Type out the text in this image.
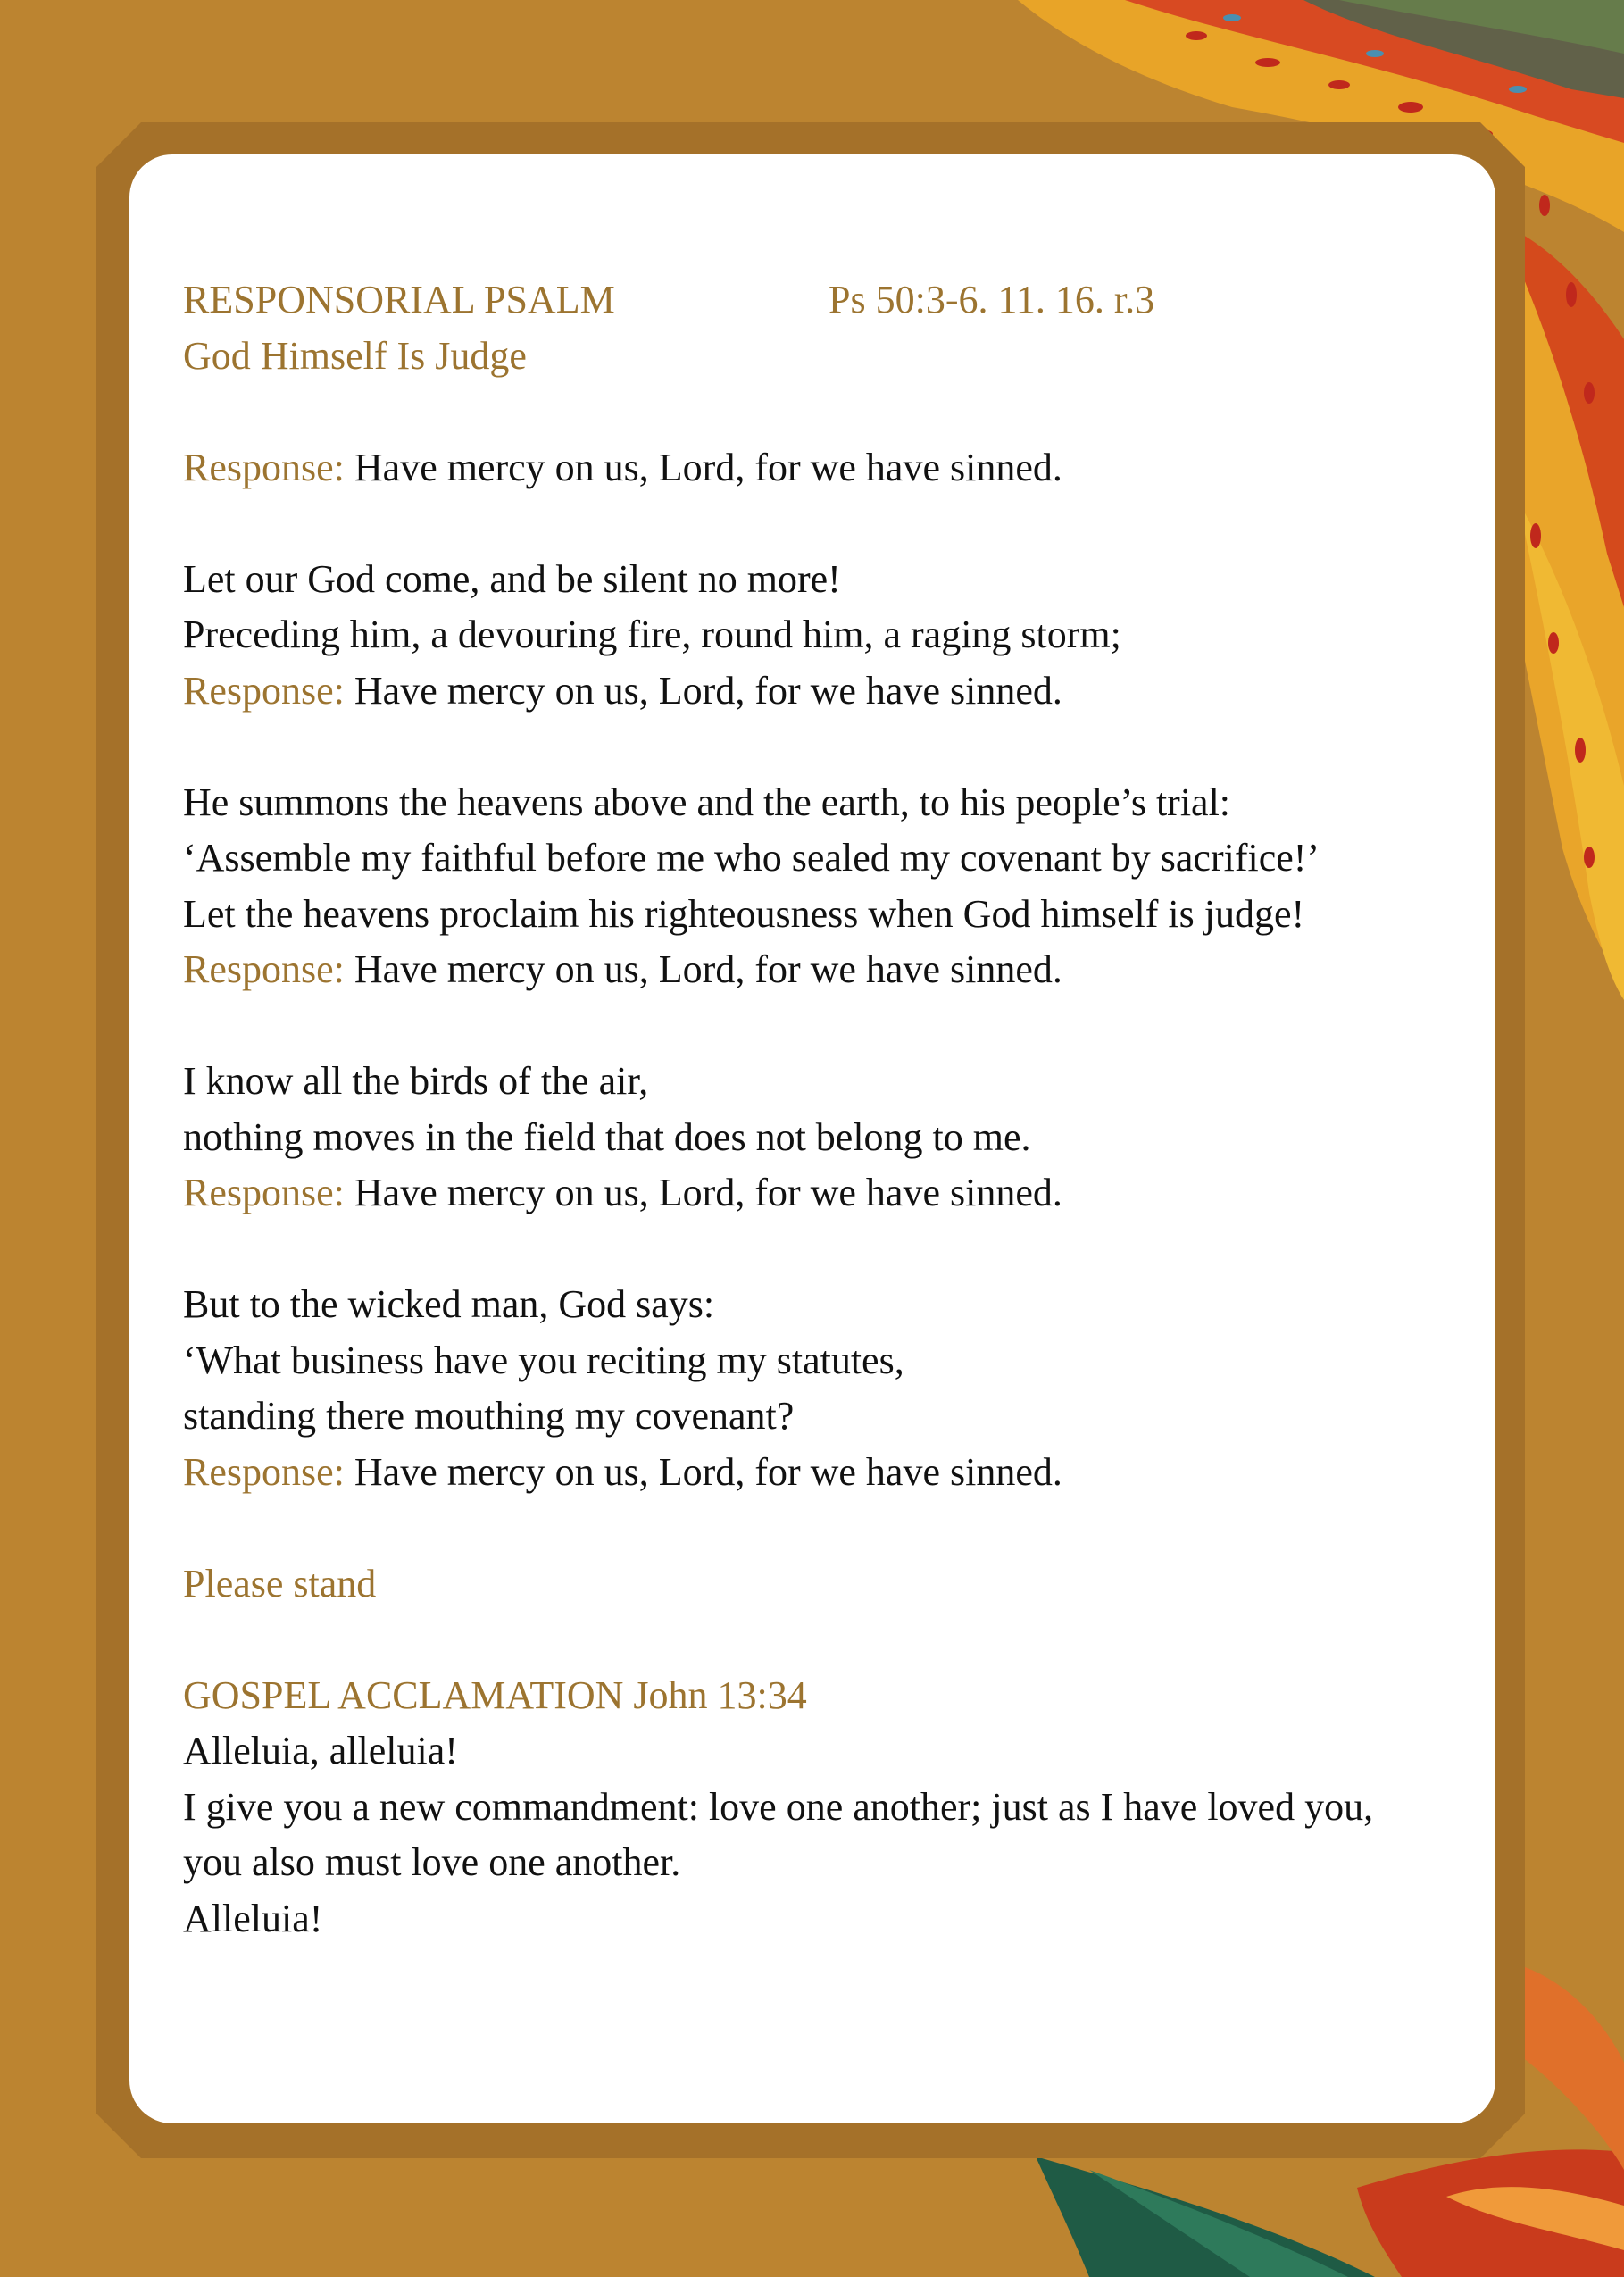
RESPONSORIAL PSALM	Ps 50:3-6. 11. 16. r.3
God Himself Is Judge
Response: Have mercy on us, Lord, for we have sinned.
Let our God come, and be silent no more!
Preceding him, a devouring fire, round him, a raging storm;
Response: Have mercy on us, Lord, for we have sinned.
He summons the heavens above and the earth, to his people’s trial:
‘Assemble my faithful before me who sealed my covenant by sacrifice!’
Let the heavens proclaim his righteousness when God himself is judge!
Response: Have mercy on us, Lord, for we have sinned.
I know all the birds of the air,
nothing moves in the field that does not belong to me.
Response: Have mercy on us, Lord, for we have sinned.
But to the wicked man, God says:
‘What business have you reciting my statutes,
standing there mouthing my covenant?
Response: Have mercy on us, Lord, for we have sinned.
Please stand
GOSPEL ACCLAMATION John 13:34
Alleluia, alleluia!
I give you a new commandment: love one another; just as I have loved you,
you also must love one another.
Alleluia!
